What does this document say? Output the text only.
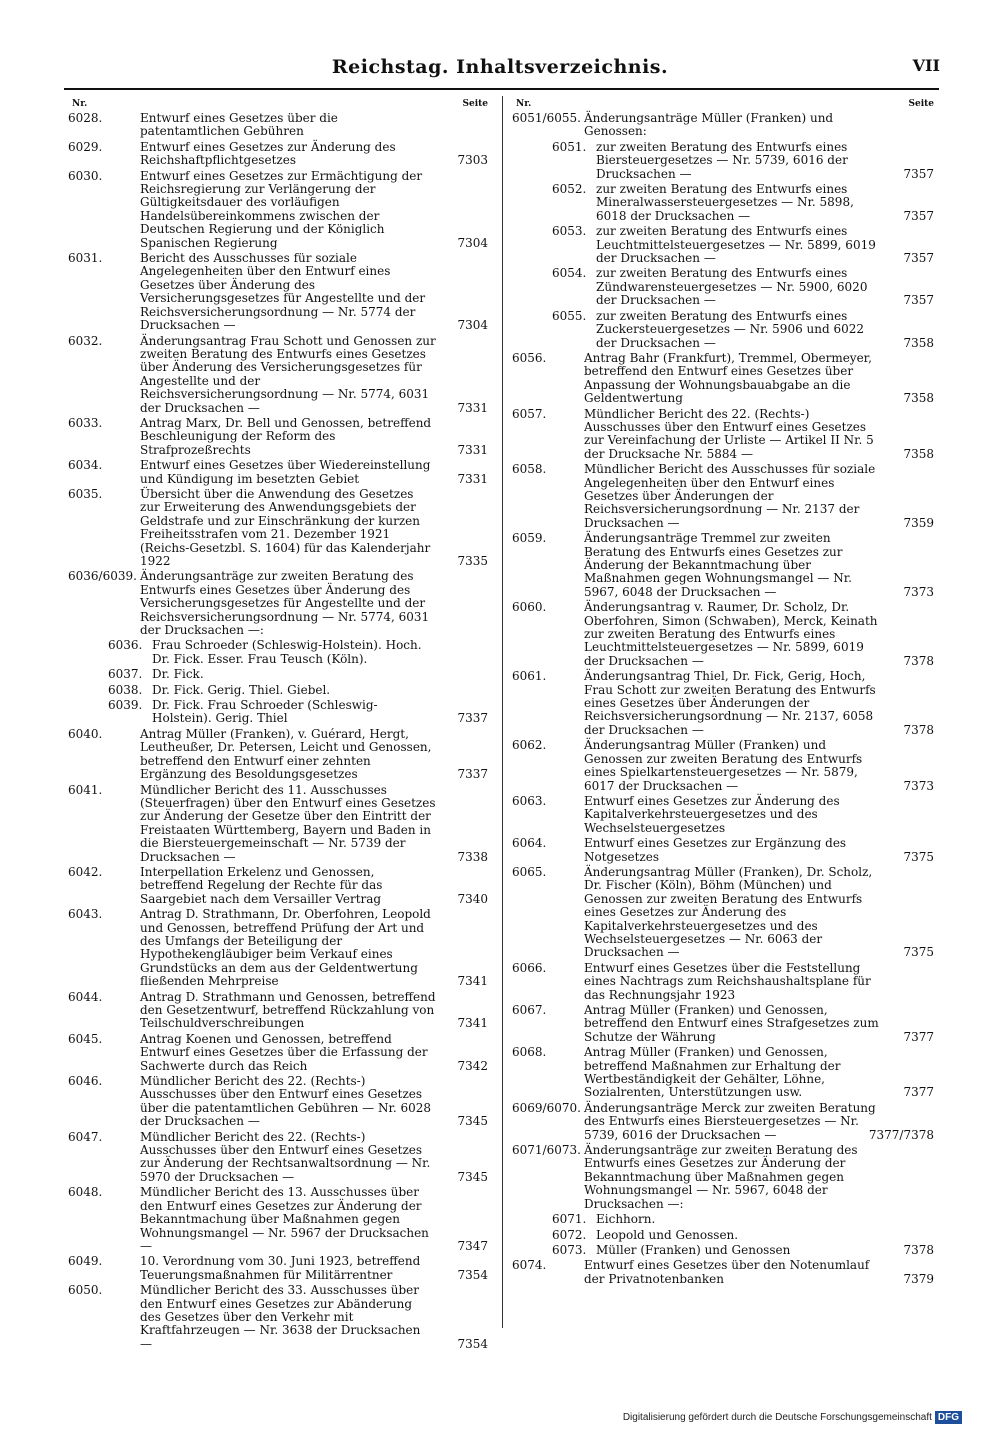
Reichstag. Inhaltsverzeichnis.	VII
Nr.	Seite
6028.	Entwurf eines Gesetzes über die patentamtlichen Gebühren
6029.	Entwurf eines Gesetzes zur Änderung des Reichshaftpflichtgesetzes	7303
6030.	Entwurf eines Gesetzes zur Ermächtigung der Reichsregierung zur Verlängerung der Gültigkeitsdauer des vorläufigen Handelsübereinkommens zwischen der Deutschen Regierung und der Königlich Spanischen Regierung	7304
6031.	Bericht des Ausschusses für soziale Angelegenheiten über den Entwurf eines Gesetzes über Änderung des Versicherungsgesetzes für Angestellte und der Reichsversicherungsordnung — Nr. 5774 der Drucksachen —	7304
6032.	Änderungsantrag Frau Schott und Genossen zur zweiten Beratung des Entwurfs eines Gesetzes über Änderung des Versicherungsgesetzes für Angestellte und der Reichsversicherungsordnung — Nr. 5774, 6031 der Drucksachen —	7331
6033.	Antrag Marx, Dr. Bell und Genossen, betreffend Beschleunigung der Reform des Strafprozeßrechts	7331
6034.	Entwurf eines Gesetzes über Wiedereinstellung und Kündigung im besetzten Gebiet	7331
6035.	Übersicht über die Anwendung des Gesetzes zur Erweiterung des Anwendungsgebiets der Geldstrafe und zur Einschränkung der kurzen Freiheitsstrafen vom 21. Dezember 1921 (Reichs-Gesetzbl. S. 1604) für das Kalenderjahr 1922	7335
6036/6039. Änderungsanträge zur zweiten Beratung des Entwurfs eines Gesetzes über Änderung des Versicherungsgesetzes für Angestellte und der Reichsversicherungsordnung — Nr. 5774, 6031 der Drucksachen —:
6036. Frau Schroeder (Schleswig-Holstein). Hoch. Dr. Fick. Esser. Frau Teusch (Köln).
6037. Dr. Fick.
6038. Dr. Fick. Gerig. Thiel. Giebel.
6039. Dr. Fick. Frau Schroeder (Schleswig-Holstein). Gerig. Thiel	7337
6040.	Antrag Müller (Franken), v. Guérard, Hergt, Leutheußer, Dr. Petersen, Leicht und Genossen, betreffend den Entwurf einer zehnten Ergänzung des Besoldungsgesetzes	7337
6041.	Mündlicher Bericht des 11. Ausschusses (Steuerfragen) über den Entwurf eines Gesetzes zur Änderung der Gesetze über den Eintritt der Freistaaten Württemberg, Bayern und Baden in die Biersteuergemeinschaft — Nr. 5739 der Drucksachen —	7338
6042.	Interpellation Erkelenz und Genossen, betreffend Regelung der Rechte für das Saargebiet nach dem Versailler Vertrag	7340
6043.	Antrag D. Strathmann, Dr. Oberfohren, Leopold und Genossen, betreffend Prüfung der Art und des Umfangs der Beteiligung der Hypothekengläubiger beim Verkauf eines Grundstücks an dem aus der Geldentwertung fließenden Mehrpreise	7341
6044.	Antrag D. Strathmann und Genossen, betreffend den Gesetzentwurf, betreffend Rückzahlung von Teilschuldverschreibungen	7341
6045.	Antrag Koenen und Genossen, betreffend Entwurf eines Gesetzes über die Erfassung der Sachwerte durch das Reich	7342
6046.	Mündlicher Bericht des 22. (Rechts-) Ausschusses über den Entwurf eines Gesetzes über die patentamtlichen Gebühren — Nr. 6028 der Drucksachen —	7345
6047.	Mündlicher Bericht des 22. (Rechts-) Ausschusses über den Entwurf eines Gesetzes zur Änderung der Rechtsanwaltsordnung — Nr. 5970 der Drucksachen —	7345
6048.	Mündlicher Bericht des 13. Ausschusses über den Entwurf eines Gesetzes zur Änderung der Bekanntmachung über Maßnahmen gegen Wohnungsmangel — Nr. 5967 der Drucksachen —	7347
6049.	10. Verordnung vom 30. Juni 1923, betreffend Teuerungsmaßnahmen für Militärrentner	7354
6050.	Mündlicher Bericht des 33. Ausschusses über den Entwurf eines Gesetzes zur Abänderung des Gesetzes über den Verkehr mit Kraftfahrzeugen — Nr. 3638 der Drucksachen —	7354
Nr.	Seite
6051/6055. Änderungsanträge Müller (Franken) und Genossen:
6051. zur zweiten Beratung des Entwurfs eines Biersteuergesetzes — Nr. 5739, 6016 der Drucksachen —	7357
6052. zur zweiten Beratung des Entwurfs eines Mineralwassersteuergesetzes — Nr. 5898, 6018 der Drucksachen —	7357
6053. zur zweiten Beratung des Entwurfs eines Leuchtmittelsteuergesetzes — Nr. 5899, 6019 der Drucksachen —	7357
6054. zur zweiten Beratung des Entwurfs eines Zündwarensteuergesetzes — Nr. 5900, 6020 der Drucksachen —	7357
6055. zur zweiten Beratung des Entwurfs eines Zuckersteuergesetzes — Nr. 5906 und 6022 der Drucksachen —	7358
6056.	Antrag Bahr (Frankfurt), Tremmel, Obermeyer, betreffend den Entwurf eines Gesetzes über Anpassung der Wohnungsbauabgabe an die Geldentwertung	7358
6057.	Mündlicher Bericht des 22. (Rechts-) Ausschusses über den Entwurf eines Gesetzes zur Vereinfachung der Urliste — Artikel II Nr. 5 der Drucksache Nr. 5884 —	7358
6058.	Mündlicher Bericht des Ausschusses für soziale Angelegenheiten über den Entwurf eines Gesetzes über Änderungen der Reichsversicherungsordnung — Nr. 2137 der Drucksachen —	7359
6059.	Änderungsanträge Tremmel zur zweiten Beratung des Entwurfs eines Gesetzes zur Änderung der Bekanntmachung über Maßnahmen gegen Wohnungsmangel — Nr. 5967, 6048 der Drucksachen —	7373
6060.	Änderungsantrag v. Raumer, Dr. Scholz, Dr. Oberfohren, Simon (Schwaben), Merck, Keinath zur zweiten Beratung des Entwurfs eines Leuchtmittelsteuergesetzes — Nr. 5899, 6019 der Drucksachen —	7378
6061.	Änderungsantrag Thiel, Dr. Fick, Gerig, Hoch, Frau Schott zur zweiten Beratung des Entwurfs eines Gesetzes über Änderungen der Reichsversicherungsordnung — Nr. 2137, 6058 der Drucksachen —	7378
6062.	Änderungsantrag Müller (Franken) und Genossen zur zweiten Beratung des Entwurfs eines Spielkartensteuergesetzes — Nr. 5879, 6017 der Drucksachen —	7373
6063.	Entwurf eines Gesetzes zur Änderung des Kapitalverkehrsteuergesetzes und des Wechselsteuergesetzes
6064.	Entwurf eines Gesetzes zur Ergänzung des Notgesetzes	7375
6065.	Änderungsantrag Müller (Franken), Dr. Scholz, Dr. Fischer (Köln), Böhm (München) und Genossen zur zweiten Beratung des Entwurfs eines Gesetzes zur Änderung des Kapitalverkehrsteuergesetzes und des Wechselsteuergesetzes — Nr. 6063 der Drucksachen —	7375
6066.	Entwurf eines Gesetzes über die Feststellung eines Nachtrags zum Reichshaushaltsplane für das Rechnungsjahr 1923
6067.	Antrag Müller (Franken) und Genossen, betreffend den Entwurf eines Strafgesetzes zum Schutze der Währung	7377
6068.	Antrag Müller (Franken) und Genossen, betreffend Maßnahmen zur Erhaltung der Wertbeständigkeit der Gehälter, Löhne, Sozialrenten, Unterstützungen usw.	7377
6069/6070. Änderungsanträge Merck zur zweiten Beratung des Entwurfs eines Biersteuergesetzes — Nr. 5739, 6016 der Drucksachen —	7377/7378
6071/6073. Änderungsanträge zur zweiten Beratung des Entwurfs eines Gesetzes zur Änderung der Bekanntmachung über Maßnahmen gegen Wohnungsmangel — Nr. 5967, 6048 der Drucksachen —:
6071. Eichhorn.
6072. Leopold und Genossen.
6073. Müller (Franken) und Genossen	7378
6074.	Entwurf eines Gesetzes über den Notenumlauf der Privatnotenbanken	7379
Digitalisierung gefördert durch die Deutsche Forschungsgemeinschaft DFG
